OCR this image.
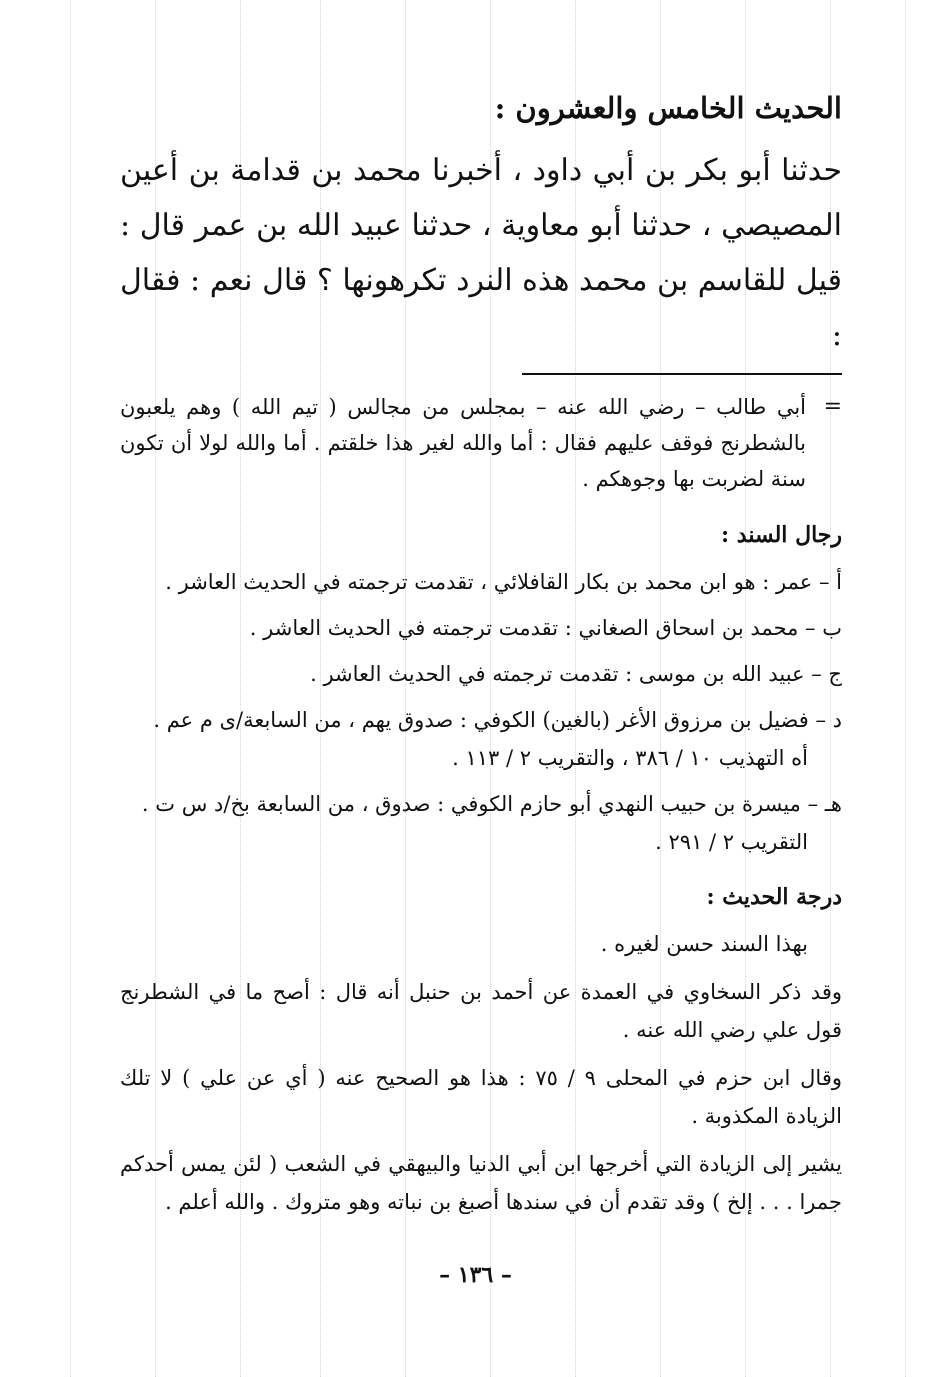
الحديث الخامس والعشرون :

حدثنا أبو بكر بن أبي داود ، أخبرنا محمد بن قدامة بن أعين المصيصي ، حدثنا أبو معاوية ، حدثنا عبيد الله بن عمر قال : قيل للقاسم بن محمد هذه النرد تكرهونها ؟ قال نعم : فقال :

=
أبي طالب – رضي الله عنه – بمجلس من مجالس ( تيم الله ) وهم يلعبون بالشطرنج فوقف عليهم فقال : أما والله لغير هذا خلقتم . أما والله لولا أن تكون سنة لضربت بها وجوهكم .

رجال السند :
أ – عمر : هو ابن محمد بن بكار القافلائي ، تقدمت ترجمته في الحديث العاشر .
ب – محمد بن اسحاق الصغاني : تقدمت ترجمته في الحديث العاشر .
ج – عبيد الله بن موسى : تقدمت ترجمته في الحديث العاشر .
د – فضيل بن مرزوق الأغر (بالغين) الكوفي : صدوق يهم ، من السابعة/ى م عم .
أه التهذيب ١٠ / ٣٨٦ ، والتقريب ٢ / ١١٣ .
هـ – ميسرة بن حبيب النهدي أبو حازم الكوفي : صدوق ، من السابعة بخ/د س ت .
التقريب ٢ / ٢٩١ .
درجة الحديث :

بهذا السند حسن لغيره .

وقد ذكر السخاوي في العمدة عن أحمد بن حنبل أنه قال : أصح ما في الشطرنج قول علي رضي الله عنه .

وقال ابن حزم في المحلى ٩ / ٧٥ : هذا هو الصحيح عنه ( أي عن علي ) لا تلك الزيادة المكذوبة .

يشير إلى الزيادة التي أخرجها ابن أبي الدنيا والبيهقي في الشعب ( لئن يمس أحدكم جمرا . . . إلخ ) وقد تقدم أن في سندها أصبغ بن نباته وهو متروك . والله أعلم .

– ١٣٦ –
